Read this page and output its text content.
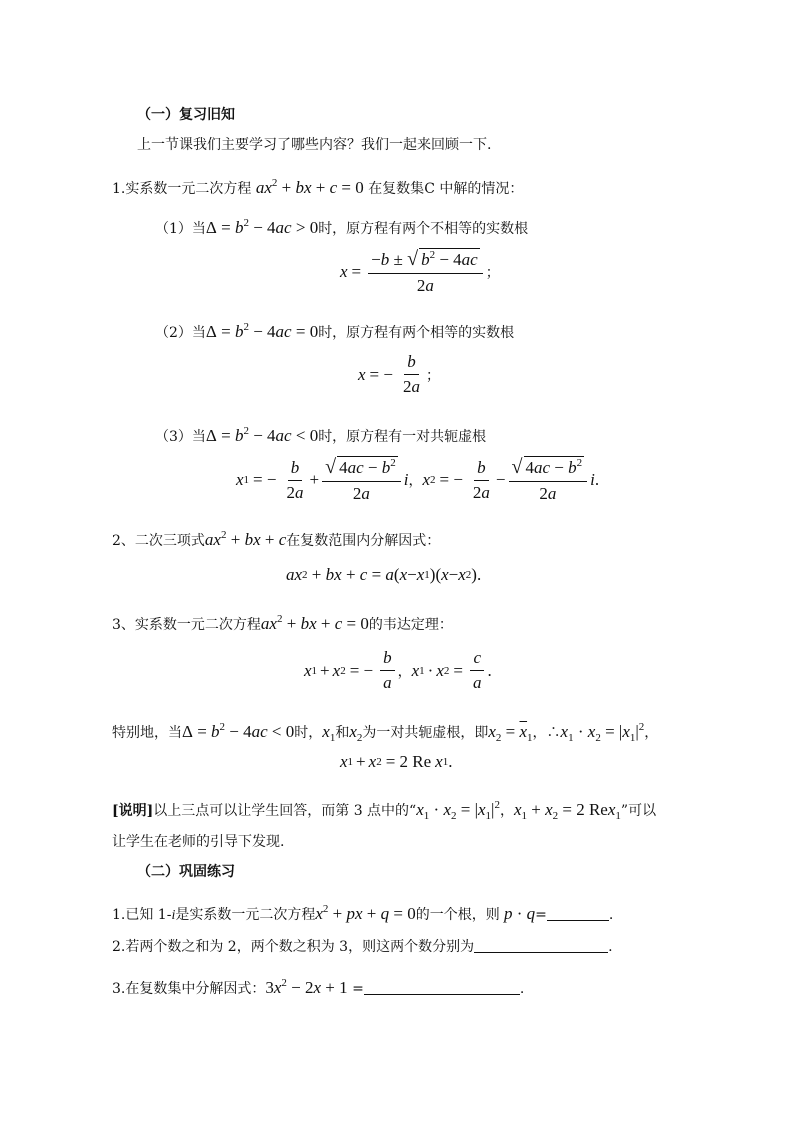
（一）复习旧知
上一节课我们主要学习了哪些内容？我们一起来回顾一下.
1.实系数一元二次方程 $ax^2$ + bx + c = 0 在复数集C 中解的情况：
（1）当$\Delta = b^2 - 4ac > 0$时，原方程有两个不相等的实数根
$x = \frac{-b \pm √ b^2 - 4ac}{2a}$ ；
（2）当$\Delta = b^2 - 4ac = 0$时，原方程有两个相等的实数根
x = − $\frac{b}{2a}$ ；
（3）当$\Delta = b^2 - 4ac < 0$时，原方程有一对共轭虚根
x 1 = − $\frac{b}{2a} + \frac{√ 4ac - b^2}{2a}$ i ， x 2 = − $\frac{b}{2a} - \frac{√ 4ac - b^2}{2a}$ i .
2、二次三项式$ax^2$ + bx + c在复数范围内分解因式：
ax 2
+ bx + c = a ( x − x 1 )( x − x 2 ).
3、实系数一元二次方程$ax^2$ + bx + c = 0的韦达定理：
x 1 + x 2 = − $\frac{b}{a}$ ， x 1 · x $2 = \frac{c}{a}$ .
特别地，当$\Delta = b^2 - 4ac < 0$时，$x_1$和$x_2$为一对共轭虚根，即$x_2 = \overline{x}_1$，$\therefore x_1 \cdot x_2 = |x_1|^2$，
x 1 + x 2 = 2 Re x 1 .
[说明]以上三点可以让学生回答，而第 3 点中的“$x_1 \cdot x_2 = |x_1|^2$，$x_1 + x_2 = 2$ Rex$_1$”可以
让学生在老师的引导下发现.
（二）巩固练习
1.已知 1-i是实系数一元二次方程$x^2$ + px + q = 0的一个根，则 p · q=	.
2.若两个数之和为 2，两个数之积为 3，则这两个数分别为	.
3.在复数集中分解因式：$3x^2 - 2x + 1$ =	.
